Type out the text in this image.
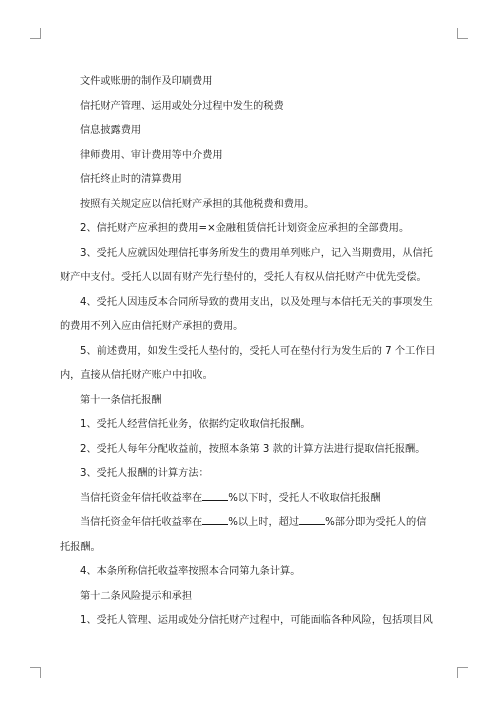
文件或账册的制作及印刷费用

信托财产管理、运用或处分过程中发生的税费

信息披露费用

律师费用、审计费用等中介费用

信托终止时的清算费用

按照有关规定应以信托财产承担的其他税费和费用。

2、信托财产应承担的费用=×金融租赁信托计划资金应承担的全部费用。

3、受托人应就因处理信托事务所发生的费用单列账户，记入当期费用，从信托财产中支付。受托人以固有财产先行垫付的，受托人有权从信托财产中优先受偿。

4、受托人因违反本合同所导致的费用支出，以及处理与本信托无关的事项发生的费用不列入应由信托财产承担的费用。

5、前述费用，如发生受托人垫付的，受托人可在垫付行为发生后的 7 个工作日内，直接从信托财产账户中扣收。

第十一条信托报酬

1、受托人经营信托业务，依据约定收取信托报酬。

2、受托人每年分配收益前，按照本条第 3 款的计算方法进行提取信托报酬。

3、受托人报酬的计算方法：

当信托资金年信托收益率在	%以下时，受托人不收取信托报酬

当信托资金年信托收益率在	%以上时，超过	%部分即为受托人的信托报酬。

4、本条所称信托收益率按照本合同第九条计算。

第十二条风险提示和承担

1、受托人管理、运用或处分信托财产过程中，可能面临各种风险，包括项目风
